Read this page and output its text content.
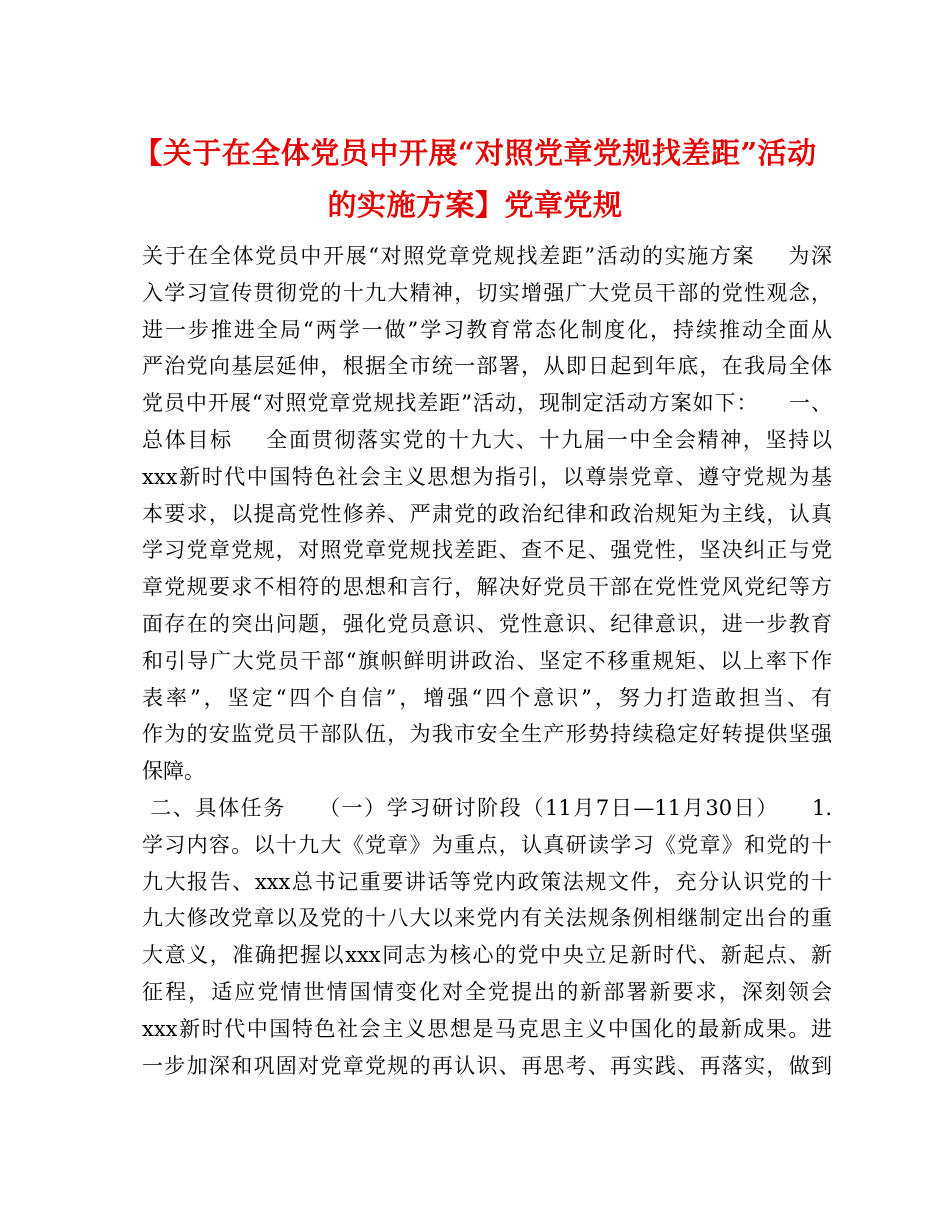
【关于在全体党员中开展“对照党章党规找差距”活动
的实施方案】党章党规
关于在全体党员中开展“对照党章党规找差距”活动的实施方案    为深
入学习宣传贯彻党的十九大精神，切实增强广大党员干部的党性观念，
进一步推进全局“两学一做”学习教育常态化制度化，持续推动全面从
严治党向基层延伸，根据全市统一部署，从即日起到年底，在我局全体
党员中开展“对照党章党规找差距”活动，现制定活动方案如下：    一、
总体目标    全面贯彻落实党的十九大、十九届一中全会精神，坚持以
xxx新时代中国特色社会主义思想为指引，以尊崇党章、遵守党规为基
本要求，以提高党性修养、严肃党的政治纪律和政治规矩为主线，认真
学习党章党规，对照党章党规找差距、查不足、强党性，坚决纠正与党
章党规要求不相符的思想和言行，解决好党员干部在党性党风党纪等方
面存在的突出问题，强化党员意识、党性意识、纪律意识，进一步教育
和引导广大党员干部“旗帜鲜明讲政治、坚定不移重规矩、以上率下作
表率”，坚定“四个自信”，增强“四个意识”，努力打造敢担当、有
作为的安监党员干部队伍，为我市安全生产形势持续稳定好转提供坚强
保障。
二、具体任务    （一）学习研讨阶段（11月7日—11月30日）    1.
学习内容。以十九大《党章》为重点，认真研读学习《党章》和党的十
九大报告、xxx总书记重要讲话等党内政策法规文件，充分认识党的十
九大修改党章以及党的十八大以来党内有关法规条例相继制定出台的重
大意义，准确把握以xxx同志为核心的党中央立足新时代、新起点、新
征程，适应党情世情国情变化对全党提出的新部署新要求，深刻领会
xxx新时代中国特色社会主义思想是马克思主义中国化的最新成果。进
一步加深和巩固对党章党规的再认识、再思考、再实践、再落实，做到
